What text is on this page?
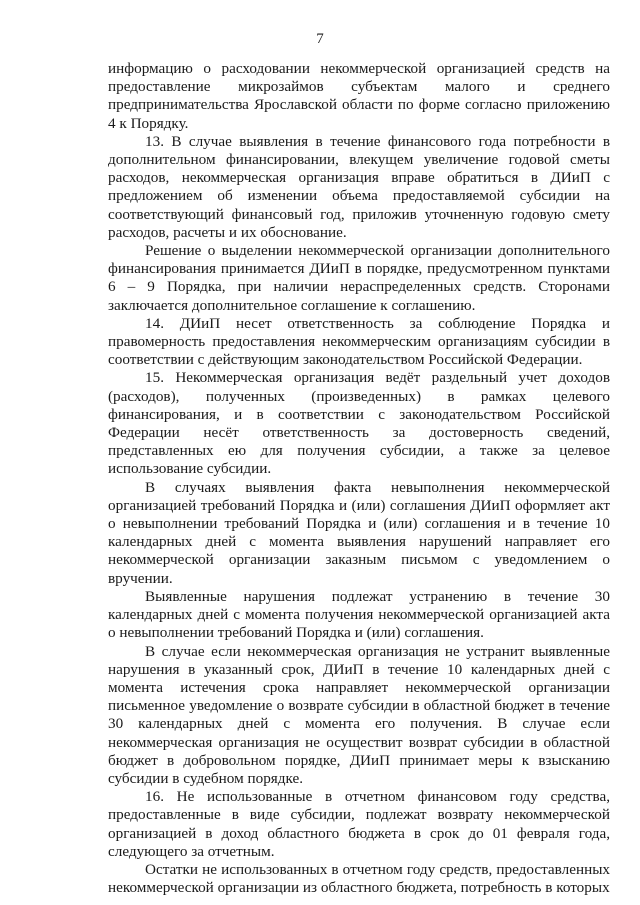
7

информацию о расходовании некоммерческой организацией средств на предоставление микрозаймов субъектам малого и среднего предпринимательства Ярославской области по форме согласно приложению 4 к Порядку.

13. В случае выявления в течение финансового года потребности в дополнительном финансировании, влекущем увеличение годовой сметы расходов, некоммерческая организация вправе обратиться в ДИиП с предложением об изменении объема предоставляемой субсидии на соответствующий финансовый год, приложив уточненную годовую смету расходов, расчеты и их обоснование.

Решение о выделении некоммерческой организации дополнительного финансирования принимается ДИиП в порядке, предусмотренном пунктами 6 – 9 Порядка, при наличии нераспределенных средств. Сторонами заключается дополнительное соглашение к соглашению.

14. ДИиП несет ответственность за соблюдение Порядка и правомерность предоставления некоммерческим организациям субсидии в соответствии с действующим законодательством Российской Федерации.

15. Некоммерческая организация ведёт раздельный учет доходов (расходов), полученных (произведенных) в рамках целевого финансирования, и в соответствии с законодательством Российской Федерации несёт ответственность за достоверность сведений, представленных ею для получения субсидии, а также за целевое использование субсидии.

В случаях выявления факта невыполнения некоммерческой организацией требований Порядка и (или) соглашения ДИиП оформляет акт о невыполнении требований Порядка и (или) соглашения и в течение 10 календарных дней с момента выявления нарушений направляет его некоммерческой организации заказным письмом с уведомлением о вручении.

Выявленные нарушения подлежат устранению в течение 30 календарных дней с момента получения некоммерческой организацией акта о невыполнении требований Порядка и (или) соглашения.

В случае если некоммерческая организация не устранит выявленные нарушения в указанный срок, ДИиП в течение 10 календарных дней с момента истечения срока направляет некоммерческой организации письменное уведомление о возврате субсидии в областной бюджет в течение 30 календарных дней с момента его получения. В случае если некоммерческая организация не осуществит возврат субсидии в областной бюджет в добровольном порядке, ДИиП принимает меры к взысканию субсидии в судебном порядке.

16. Не использованные в отчетном финансовом году средства, предоставленные в виде субсидии, подлежат возврату некоммерческой организацией в доход областного бюджета в срок до 01 февраля года, следующего за отчетным.

Остатки не использованных в отчетном году средств, предоставленных некоммерческой организации из областного бюджета, потребность в которых
